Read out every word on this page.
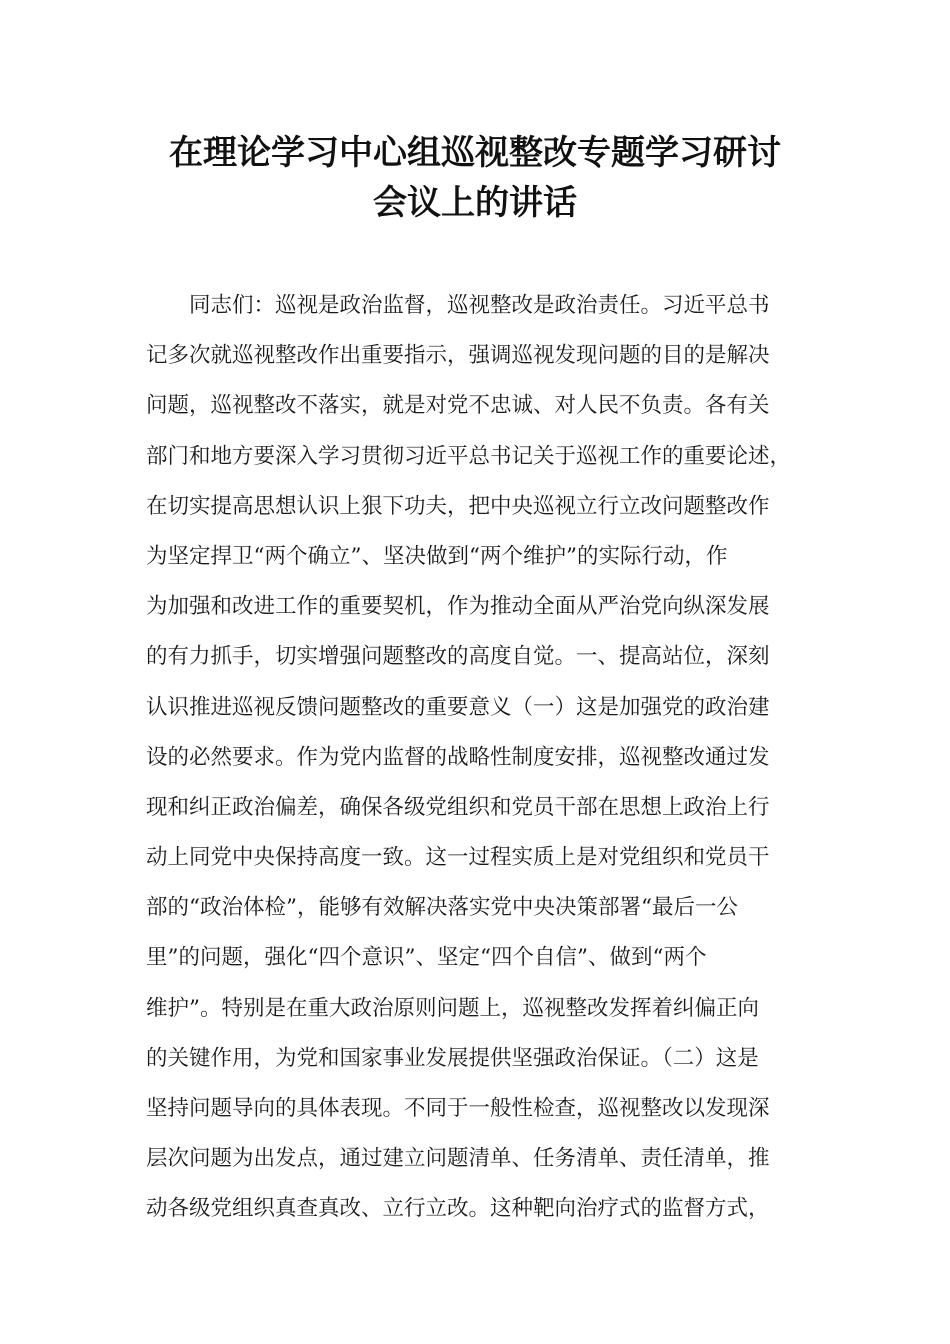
在理论学习中心组巡视整改专题学习研讨
会议上的讲话
同志们：巡视是政治监督，巡视整改是政治责任。习近平总书
记多次就巡视整改作出重要指示，强调巡视发现问题的目的是解决
问题，巡视整改不落实，就是对党不忠诚、对人民不负责。各有关
部门和地方要深入学习贯彻习近平总书记关于巡视工作的重要论述，
在切实提高思想认识上狠下功夫，把中央巡视立行立改问题整改作
为坚定捍卫“两个确立”、坚决做到“两个维护”的实际行动，作
为加强和改进工作的重要契机，作为推动全面从严治党向纵深发展
的有力抓手，切实增强问题整改的高度自觉。一、提高站位，深刻
认识推进巡视反馈问题整改的重要意义（一）这是加强党的政治建
设的必然要求。作为党内监督的战略性制度安排，巡视整改通过发
现和纠正政治偏差，确保各级党组织和党员干部在思想上政治上行
动上同党中央保持高度一致。这一过程实质上是对党组织和党员干
部的“政治体检”，能够有效解决落实党中央决策部署“最后一公
里”的问题，强化“四个意识”、坚定“四个自信”、做到“两个
维护”。特别是在重大政治原则问题上，巡视整改发挥着纠偏正向
的关键作用，为党和国家事业发展提供坚强政治保证。（二）这是
坚持问题导向的具体表现。不同于一般性检查，巡视整改以发现深
层次问题为出发点，通过建立问题清单、任务清单、责任清单，推
动各级党组织真查真改、立行立改。这种靶向治疗式的监督方式，
